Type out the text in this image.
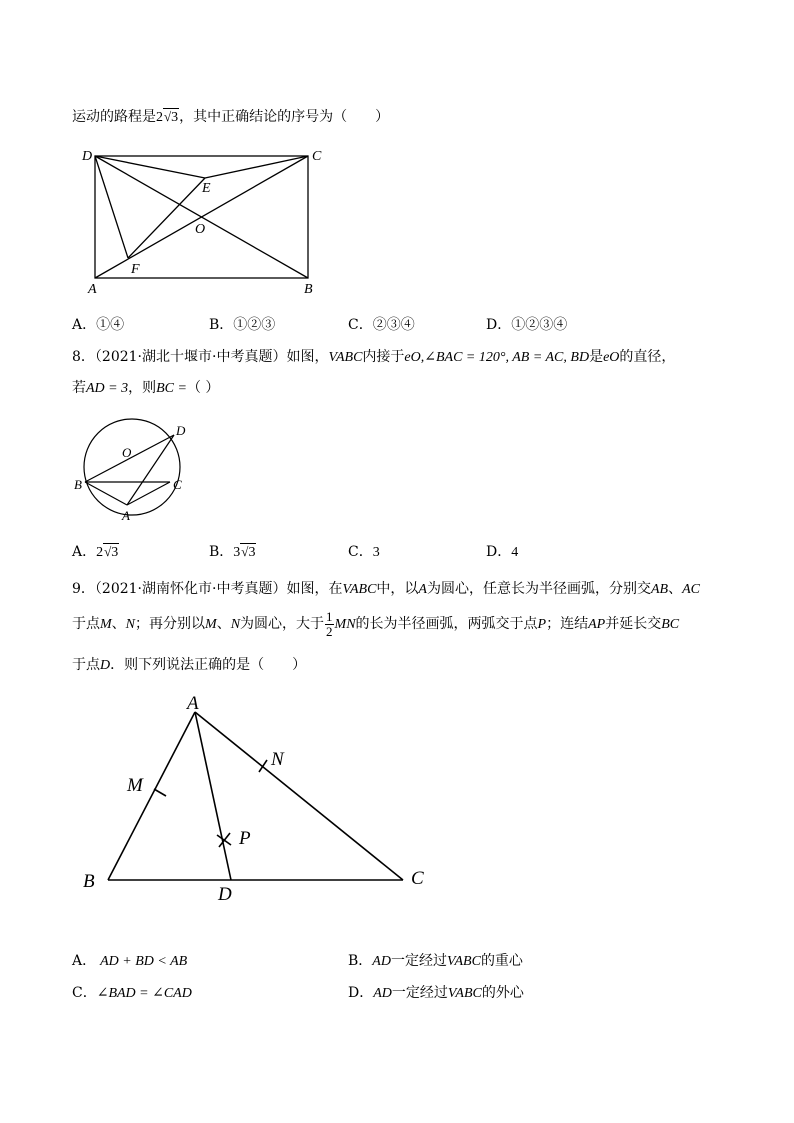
运动的路程是2√3，其中正确结论的序号为（　　）
D	C
E
O
F
A	B
A．①④	B．①②③	C．②③④	D．①②③④
8．（2021·湖北十堰市·中考真题）如图，VABC内接于eO,∠BAC = 120°, AB = AC, BD是eO的直径，
若AD = 3，则BC =（ ）
O
D
B	C
A
A．2√3	B．3√3	C．3	D．4
9．（2021·湖南怀化市·中考真题）如图，在VABC中，以A为圆心，任意长为半径画弧，分别交AB、AC
于点M、N；再分别以M、N为圆心，大于 $\frac{1}{2}$ MN的长为半径画弧，两弧交于点P；连结AP并延长交BC
于点D．则下列说法正确的是（　　）
A
M
N
P
B
D
C
A． AD + BD < AB	B．AD一定经过VABC的重心
C．∠BAD = ∠CAD	D．AD一定经过VABC的外心
